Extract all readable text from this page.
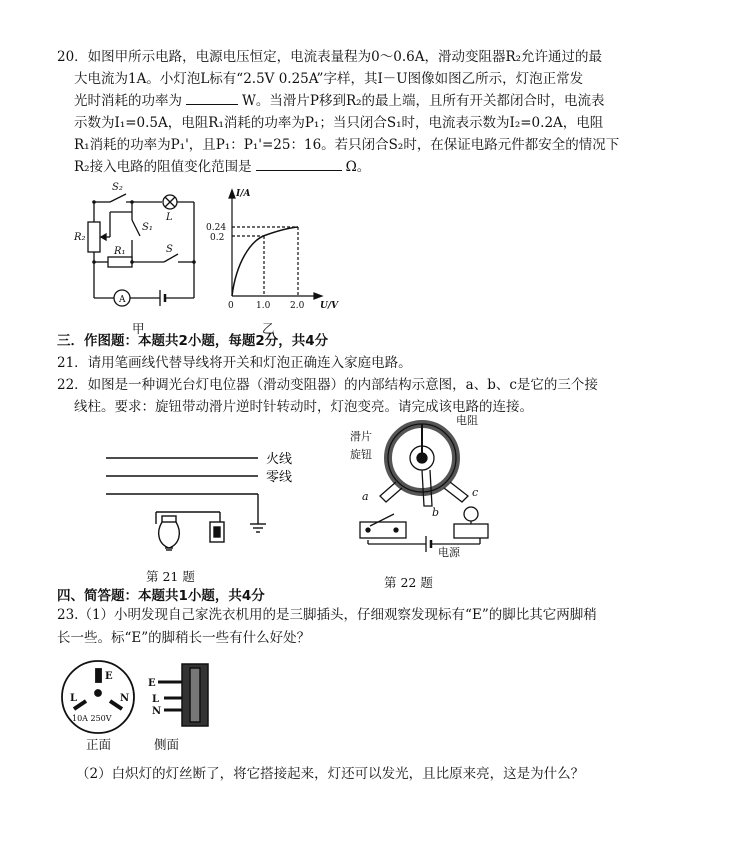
20．如图甲所示电路，电源电压恒定，电流表量程为0～0.6A，滑动变阻器R₂允许通过的最
大电流为1A。小灯泡L标有“2.5V 0.25A”字样，其I－U图像如图乙所示，灯泡正常发
光时消耗的功率为	W。当滑片P移到R₂的最上端，且所有开关都闭合时，电流表
示数为I₁=0.5A，电阻R₁消耗的功率为P₁；当只闭合S₁时，电流表示数为I₂=0.2A，电阻
R₁消耗的功率为P₁'，且P₁：P₁'=25：16。若只闭合S₂时，在保证电路元件都安全的情况下
R₂接入电路的阻值变化范围是	Ω。
S₂
L
S₁
R₂
R₁	S
A
甲
I/A
0.24
0.2
0 1.0 2.0 U/V
乙
三．作图题：本题共2小题，每题2分，共4分
21．请用笔画线代替导线将开关和灯泡正确连入家庭电路。
22．如图是一种调光台灯电位器（滑动变阻器）的内部结构示意图，a、b、c是它的三个接
线柱。要求：旋钮带动滑片逆时针转动时，灯泡变亮。请完成该电路的连接。
火线
零线
第 21 题
滑片
旋钮
电阻
a
b
c
电源
第 22 题
四、简答题：本题共1小题，共4分
23.（1）小明发现自己家洗衣机用的是三脚插头，仔细观察发现标有“E”的脚比其它两脚稍
长一些。标“E”的脚稍长一些有什么好处？
E
L	N
10A 250V
正面
E
L
N
侧面
（2）白炽灯的灯丝断了，将它搭接起来，灯还可以发光，且比原来亮，这是为什么？
